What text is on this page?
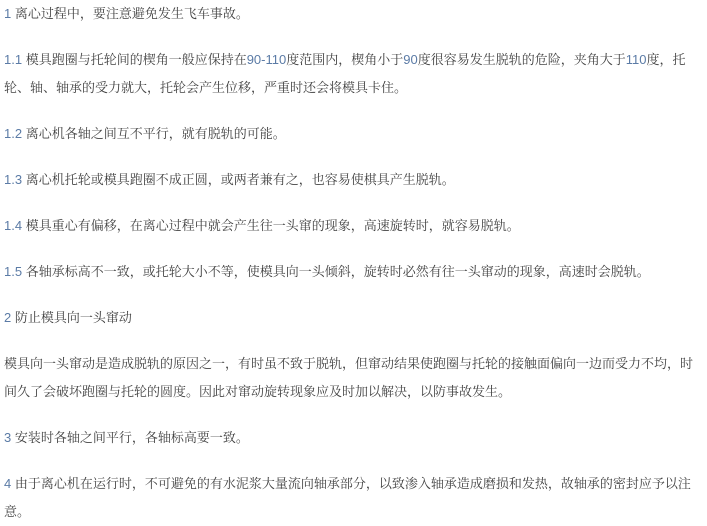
1 离心过程中，要注意避免发生飞车事故。

1.1 模具跑圈与托轮间的楔角一般应保持在90-110度范围内，楔角小于90度很容易发生脱轨的危险，夹角大于110度，托轮、轴、轴承的受力就大，托轮会产生位移，严重时还会将模具卡住。

1.2 离心机各轴之间互不平行，就有脱轨的可能。

1.3 离心机托轮或模具跑圈不成正圆，或两者兼有之，也容易使棋具产生脱轨。

1.4 模具重心有偏移，在离心过程中就会产生往一头窜的现象，高速旋转时，就容易脱轨。

1.5 各轴承标高不一致，或托轮大小不等，使模具向一头倾斜，旋转时必然有往一头窜动的现象，高速时会脱轨。

2 防止模具向一头窜动

模具向一头窜动是造成脱轨的原因之一，有时虽不致于脱轨，但窜动结果使跑圈与托轮的接触面偏向一边而受力不均，时间久了会破坏跑圈与托轮的圆度。因此对窜动旋转现象应及时加以解决，以防事故发生。

3 安装时各轴之间平行，各轴标高要一致。

4 由于离心机在运行时，不可避免的有水泥浆大量流向轴承部分，以致渗入轴承造成磨损和发热，故轴承的密封应予以注意。
